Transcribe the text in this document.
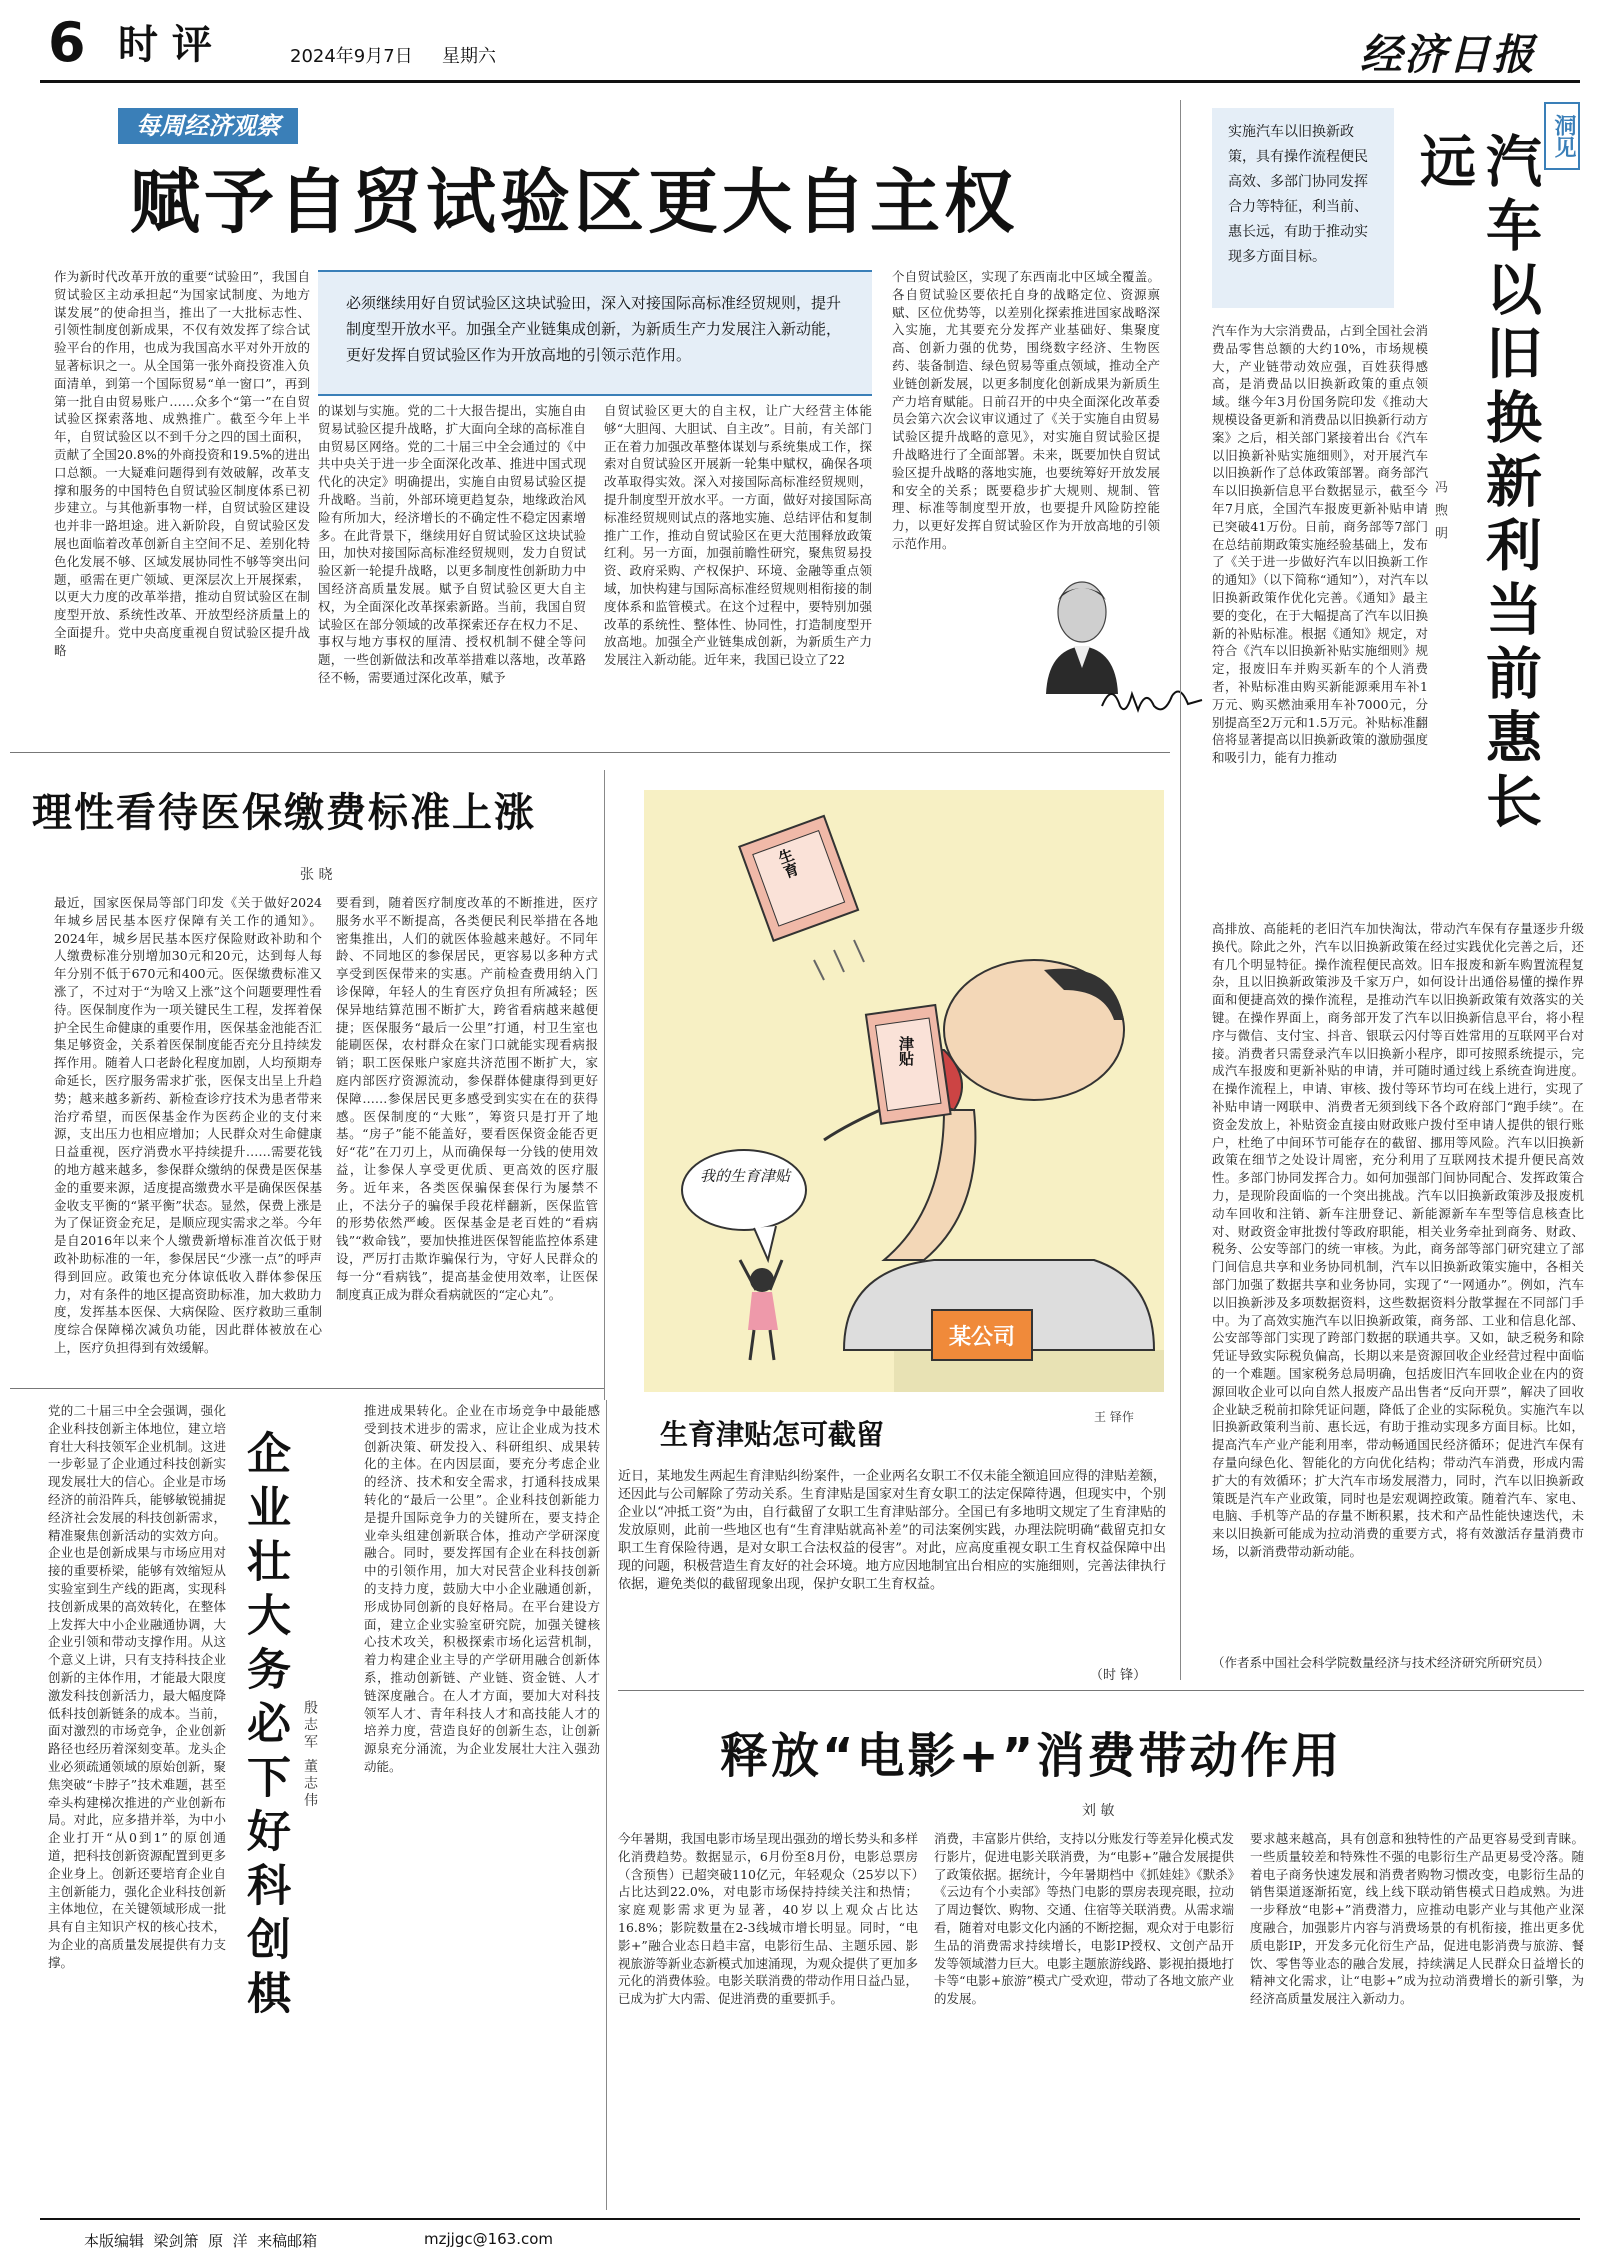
6 时 评	2024年9月7日 星期六	经济日报
每周经济观察
赋予自贸试验区更大自主权
作为新时代改革开放的重要“试验田”，我国自贸试验区主动承担起“为国家试制度、为地方谋发展”的使命担当，推出了一大批标志性、引领性制度创新成果，不仅有效发挥了综合试验平台的作用，也成为我国高水平对外开放的显著标识之一。从全国第一张外商投资准入负面清单，到第一个国际贸易“单一窗口”，再到第一批自由贸易账户……众多个“第一”在自贸试验区探索落地、成熟推广。截至今年上半年，自贸试验区以不到千分之四的国土面积，贡献了全国20.8%的外商投资和19.5%的进出口总额。一大疑难问题得到有效破解，改革支撑和服务的中国特色自贸试验区制度体系已初步建立。与其他新事物一样，自贸试验区建设也并非一路坦途。进入新阶段，自贸试验区发展也面临着改革创新自主空间不足、差别化特色化发展不够、区域发展协同性不够等突出问题，亟需在更广领域、更深层次上开展探索，以更大力度的改革举措，推动自贸试验区在制度型开放、系统性改革、开放型经济质量上的全面提升。党中央高度重视自贸试验区提升战略
必须继续用好自贸试验区这块试验田，深入对接国际高标准经贸规则，提升制度型开放水平。加强全产业链集成创新，为新质生产力发展注入新动能，更好发挥自贸试验区作为开放高地的引领示范作用。
的谋划与实施。党的二十大报告提出，实施自由贸易试验区提升战略，扩大面向全球的高标准自由贸易区网络。党的二十届三中全会通过的《中共中央关于进一步全面深化改革、推进中国式现代化的决定》明确提出，实施自由贸易试验区提升战略。当前，外部环境更趋复杂，地缘政治风险有所加大，经济增长的不确定性不稳定因素增多。在此背景下，继续用好自贸试验区这块试验田，加快对接国际高标准经贸规则，发力自贸试验区新一轮提升战略，以更多制度性创新助力中国经济高质量发展。赋予自贸试验区更大自主权，为全面深化改革探索新路。当前，我国自贸试验区在部分领域的改革探索还存在权力不足、事权与地方事权的厘清、授权机制不健全等问题，一些创新做法和改革举措难以落地，改革路径不畅，需要通过深化改革，赋予
自贸试验区更大的自主权，让广大经营主体能够“大胆闯、大胆试、自主改”。目前，有关部门正在着力加强改革整体谋划与系统集成工作，探索对自贸试验区开展新一轮集中赋权，确保各项改革取得实效。深入对接国际高标准经贸规则，提升制度型开放水平。一方面，做好对接国际高标准经贸规则试点的落地实施、总结评估和复制推广工作，推动自贸试验区在更大范围释放政策红利。另一方面，加强前瞻性研究，聚焦贸易投资、政府采购、产权保护、环境、金融等重点领域，加快构建与国际高标准经贸规则相衔接的制度体系和监管模式。在这个过程中，要特别加强改革的系统性、整体性、协同性，打造制度型开放高地。加强全产业链集成创新，为新质生产力发展注入新动能。近年来，我国已设立了22
个自贸试验区，实现了东西南北中区域全覆盖。各自贸试验区要依托自身的战略定位、资源禀赋、区位优势等，以差别化探索推进国家战略深入实施，尤其要充分发挥产业基础好、集聚度高、创新力强的优势，围绕数字经济、生物医药、装备制造、绿色贸易等重点领域，推动全产业链创新发展，以更多制度化创新成果为新质生产力培育赋能。日前召开的中央全面深化改革委员会第六次会议审议通过了《关于实施自由贸易试验区提升战略的意见》，对实施自贸试验区提升战略进行了全面部署。未来，既要加快自贸试验区提升战略的落地实施，也要统筹好开放发展和安全的关系；既要稳步扩大规则、规制、管理、标准等制度型开放，也要提升风险防控能力，以更好发挥自贸试验区作为开放高地的引领示范作用。
实施汽车以旧换新政策，具有操作流程便民高效、多部门协同发挥合力等特征，利当前、惠长远，有助于推动实现多方面目标。
洞见
汽车以旧换新利当前惠长远
冯 煦 明
汽车作为大宗消费品，占到全国社会消费品零售总额的大约10%，市场规模大，产业链带动效应强，百姓获得感高，是消费品以旧换新政策的重点领域。继今年3月份国务院印发《推动大规模设备更新和消费品以旧换新行动方案》之后，相关部门紧接着出台《汽车以旧换新补贴实施细则》，对开展汽车以旧换新作了总体政策部署。商务部汽车以旧换新信息平台数据显示，截至今年7月底，全国汽车报废更新补贴申请已突破41万份。日前，商务部等7部门在总结前期政策实施经验基础上，发布了《关于进一步做好汽车以旧换新工作的通知》（以下简称“通知”），对汽车以旧换新政策作优化完善。《通知》最主要的变化，在于大幅提高了汽车以旧换新的补贴标准。根据《通知》规定，对符合《汽车以旧换新补贴实施细则》规定，报废旧车并购买新车的个人消费者，补贴标准由购买新能源乘用车补1万元、购买燃油乘用车补7000元，分别提高至2万元和1.5万元。补贴标准翻倍将显著提高以旧换新政策的激励强度和吸引力，能有力推动
高排放、高能耗的老旧汽车加快淘汰，带动汽车保有存量逐步升级换代。除此之外，汽车以旧换新政策在经过实践优化完善之后，还有几个明显特征。操作流程便民高效。旧车报废和新车购置流程复杂，且以旧换新政策涉及千家万户，如何设计出通俗易懂的操作界面和便捷高效的操作流程，是推动汽车以旧换新政策有效落实的关键。在操作界面上，商务部开发了汽车以旧换新信息平台，将小程序与微信、支付宝、抖音、银联云闪付等百姓常用的互联网平台对接。消费者只需登录汽车以旧换新小程序，即可按照系统提示，完成汽车报废和更新补贴的申请，并可随时通过线上系统查询进度。在操作流程上，申请、审核、拨付等环节均可在线上进行，实现了补贴申请一网联申、消费者无须到线下各个政府部门“跑手续”。在资金发放上，补贴资金直接由财政账户拨付至申请人提供的银行账户，杜绝了中间环节可能存在的截留、挪用等风险。汽车以旧换新政策在细节之处设计周密，充分利用了互联网技术提升便民高效性。多部门协同发挥合力。如何加强部门间协同配合、发挥政策合力，是现阶段面临的一个突出挑战。汽车以旧换新政策涉及报废机动车回收和注销、新车注册登记、新能源新车车型等信息核查比对、财政资金审批拨付等政府职能，相关业务牵扯到商务、财政、税务、公安等部门的统一审核。为此，商务部等部门研究建立了部门间信息共享和业务协同机制，汽车以旧换新政策实施中，各相关部门加强了数据共享和业务协同，实现了“一网通办”。例如，汽车以旧换新涉及多项数据资料，这些数据资料分散掌握在不同部门手中。为了高效实施汽车以旧换新政策，商务部、工业和信息化部、公安部等部门实现了跨部门数据的联通共享。又如，缺乏税务和除凭证导致实际税负偏高，长期以来是资源回收企业经营过程中面临的一个难题。国家税务总局明确，包括废旧汽车回收企业在内的资源回收企业可以向自然人报废产品出售者“反向开票”，解决了回收企业缺乏税前扣除凭证问题，降低了企业的实际税负。实施汽车以旧换新政策利当前、惠长远，有助于推动实现多方面目标。比如，提高汽车产业产能利用率，带动畅通国民经济循环；促进汽车保有存量向绿色化、智能化的方向优化结构；带动汽车消费，形成内需扩大的有效循环；扩大汽车市场发展潜力，同时，汽车以旧换新政策既是汽车产业政策，同时也是宏观调控政策。随着汽车、家电、电脑、手机等产品的存量不断积累，技术和产品性能快速迭代，未来以旧换新可能成为拉动消费的重要方式，将有效激活存量消费市场，以新消费带动新动能。
（作者系中国社会科学院数量经济与技术经济研究所研究员）
理性看待医保缴费标准上涨
张 晓
最近，国家医保局等部门印发《关于做好2024年城乡居民基本医疗保障有关工作的通知》。2024年，城乡居民基本医疗保险财政补助和个人缴费标准分别增加30元和20元，达到每人每年分别不低于670元和400元。医保缴费标准又涨了，不过对于“为啥又上涨”这个问题要理性看待。医保制度作为一项关键民生工程，发挥着保护全民生命健康的重要作用，医保基金池能否汇集足够资金，关系着医保制度能否充分且持续发挥作用。随着人口老龄化程度加剧，人均预期寿命延长，医疗服务需求扩张，医保支出呈上升趋势；越来越多新药、新检查诊疗技术为患者带来治疗希望，而医保基金作为医药企业的支付来源，支出压力也相应增加；人民群众对生命健康日益重视，医疗消费水平持续提升……需要花钱的地方越来越多，参保群众缴纳的保费是医保基金的重要来源，适度提高缴费水平是确保医保基金收支平衡的“紧平衡”状态。显然，保费上涨是为了保证资金充足，是顺应现实需求之举。今年是自2016年以来个人缴费新增标准首次低于财政补助标准的一年，参保居民“少涨一点”的呼声得到回应。政策也充分体谅低收入群体参保压力，对有条件的地区提高资助标准，加大救助力度，发挥基本医保、大病保险、医疗救助三重制度综合保障梯次减负功能，因此群体被放在心上，医疗负担得到有效缓解。
要看到，随着医疗制度改革的不断推进，医疗服务水平不断提高，各类便民利民举措在各地密集推出，人们的就医体验越来越好。不同年龄、不同地区的参保居民，更容易以多种方式享受到医保带来的实惠。产前检查费用纳入门诊保障，年轻人的生育医疗负担有所减轻；医保异地结算范围不断扩大，跨省看病越来越便捷；医保服务“最后一公里”打通，村卫生室也能刷医保，农村群众在家门口就能实现看病报销；职工医保账户家庭共济范围不断扩大，家庭内部医疗资源流动，参保群体健康得到更好保障……参保居民更多感受到实实在在的获得感。医保制度的“大账”，筹资只是打开了地基。“房子”能不能盖好，要看医保资金能否更好“花”在刀刃上，从而确保每一分钱的使用效益，让参保人享受更优质、更高效的医疗服务。近年来，各类医保骗保套保行为屡禁不止，不法分子的骗保手段花样翻新，医保监管的形势依然严峻。医保基金是老百姓的“看病钱”“救命钱”，要加快推进医保智能监控体系建设，严厉打击欺诈骗保行为，守好人民群众的每一分“看病钱”，提高基金使用效率，让医保制度真正成为群众看病就医的“定心丸”。
生育
津贴
我的生育津贴
某公司
王 铎作
生育津贴怎可截留
近日，某地发生两起生育津贴纠纷案件，一企业两名女职工不仅未能全额追回应得的津贴差额，还因此与公司解除了劳动关系。生育津贴是国家对生育女职工的法定保障待遇，但现实中，个别企业以“冲抵工资”为由，自行截留了女职工生育津贴部分。全国已有多地明文规定了生育津贴的发放原则，此前一些地区也有“生育津贴就高补差”的司法案例实践，办理法院明确“截留克扣女职工生育保险待遇，是对女职工合法权益的侵害”。对此，应高度重视女职工生育权益保障中出现的问题，积极营造生育友好的社会环境。地方应因地制宜出台相应的实施细则，完善法律执行依据，避免类似的截留现象出现，保护女职工生育权益。
（时 锋）
党的二十届三中全会强调，强化企业科技创新主体地位，建立培育壮大科技领军企业机制。这进一步彰显了企业通过科技创新实现发展壮大的信心。企业是市场经济的前沿阵兵，能够敏锐捕捉经济社会发展的科技创新需求，精准聚焦创新活动的实效方向。企业也是创新成果与市场应用对接的重要桥梁，能够有效缩短从实验室到生产线的距离，实现科技创新成果的高效转化，在整体上发挥大中小企业融通协调，大企业引领和带动支撑作用。从这个意义上讲，只有支持科技企业创新的主体作用，才能最大限度激发科技创新活力，最大幅度降低科技创新链条的成本。当前，面对激烈的市场竞争，企业创新路径也经历着深刻变革。龙头企业必须疏通领域的原始创新，聚焦突破“卡脖子”技术难题，甚至牵头构建梯次推进的产业创新布局。对此，应多措并举，为中小企业打开“从0到1”的原创通道，把科技创新资源配置到更多企业身上。创新还要培育企业自主创新能力，强化企业科技创新主体地位，在关键领域形成一批具有自主知识产权的核心技术，为企业的高质量发展提供有力支撑。	企业壮大务必下好科创棋 殷志军 董志伟
推进成果转化。企业在市场竞争中最能感受到技术进步的需求，应让企业成为技术创新决策、研发投入、科研组织、成果转化的主体。在内因层面，要充分考虑企业的经济、技术和安全需求，打通科技成果转化的“最后一公里”。企业科技创新能力是提升国际竞争力的关键所在，要支持企业牵头组建创新联合体，推动产学研深度融合。同时，要发挥国有企业在科技创新中的引领作用，加大对民营企业科技创新的支持力度，鼓励大中小企业融通创新，形成协同创新的良好格局。在平台建设方面，建立企业实验室研究院，加强关键核心技术攻关，积极探索市场化运营机制，着力构建企业主导的产学研用融合创新体系，推动创新链、产业链、资金链、人才链深度融合。在人才方面，要加大对科技领军人才、青年科技人才和高技能人才的培养力度，营造良好的创新生态，让创新源泉充分涌流，为企业发展壮大注入强劲动能。	释放“电影+”消费带动作用
刘 敏
今年暑期，我国电影市场呈现出强劲的增长势头和多样化消费趋势。数据显示，6月份至8月份，电影总票房（含预售）已超突破110亿元，年轻观众（25岁以下）占比达到22.0%，对电影市场保持持续关注和热情；家庭观影需求更为显著，40岁以上观众占比达16.8%；影院数量在2-3线城市增长明显。同时，“电影+”融合业态日趋丰富，电影衍生品、主题乐园、影视旅游等新业态新模式加速涌现，为观众提供了更加多元化的消费体验。电影关联消费的带动作用日益凸显，已成为扩大内需、促进消费的重要抓手。
消费，丰富影片供给，支持以分账发行等差异化模式发行影片，促进电影关联消费，为“电影+”融合发展提供了政策依据。据统计，今年暑期档中《抓娃娃》《默杀》《云边有个小卖部》等热门电影的票房表现亮眼，拉动了周边餐饮、购物、交通、住宿等关联消费。从需求端看，随着对电影文化内涵的不断挖掘，观众对于电影衍生品的消费需求持续增长，电影IP授权、文创产品开发等领域潜力巨大。电影主题旅游线路、影视拍摄地打卡等“电影+旅游”模式广受欢迎，带动了各地文旅产业的发展。
要求越来越高，具有创意和独特性的产品更容易受到青睐。一些质量较差和特殊性不强的电影衍生产品更易受冷落。随着电子商务快速发展和消费者购物习惯改变，电影衍生品的销售渠道逐渐拓宽，线上线下联动销售模式日趋成熟。为进一步释放“电影+”消费潜力，应推动电影产业与其他产业深度融合，加强影片内容与消费场景的有机衔接，推出更多优质电影IP，开发多元化衍生产品，促进电影消费与旅游、餐饮、零售等业态的融合发展，持续满足人民群众日益增长的精神文化需求，让“电影+”成为拉动消费增长的新引擎，为经济高质量发展注入新动力。
本版编辑  梁剑箫  原  洋  来稿邮箱	mzjjgc@163.com
